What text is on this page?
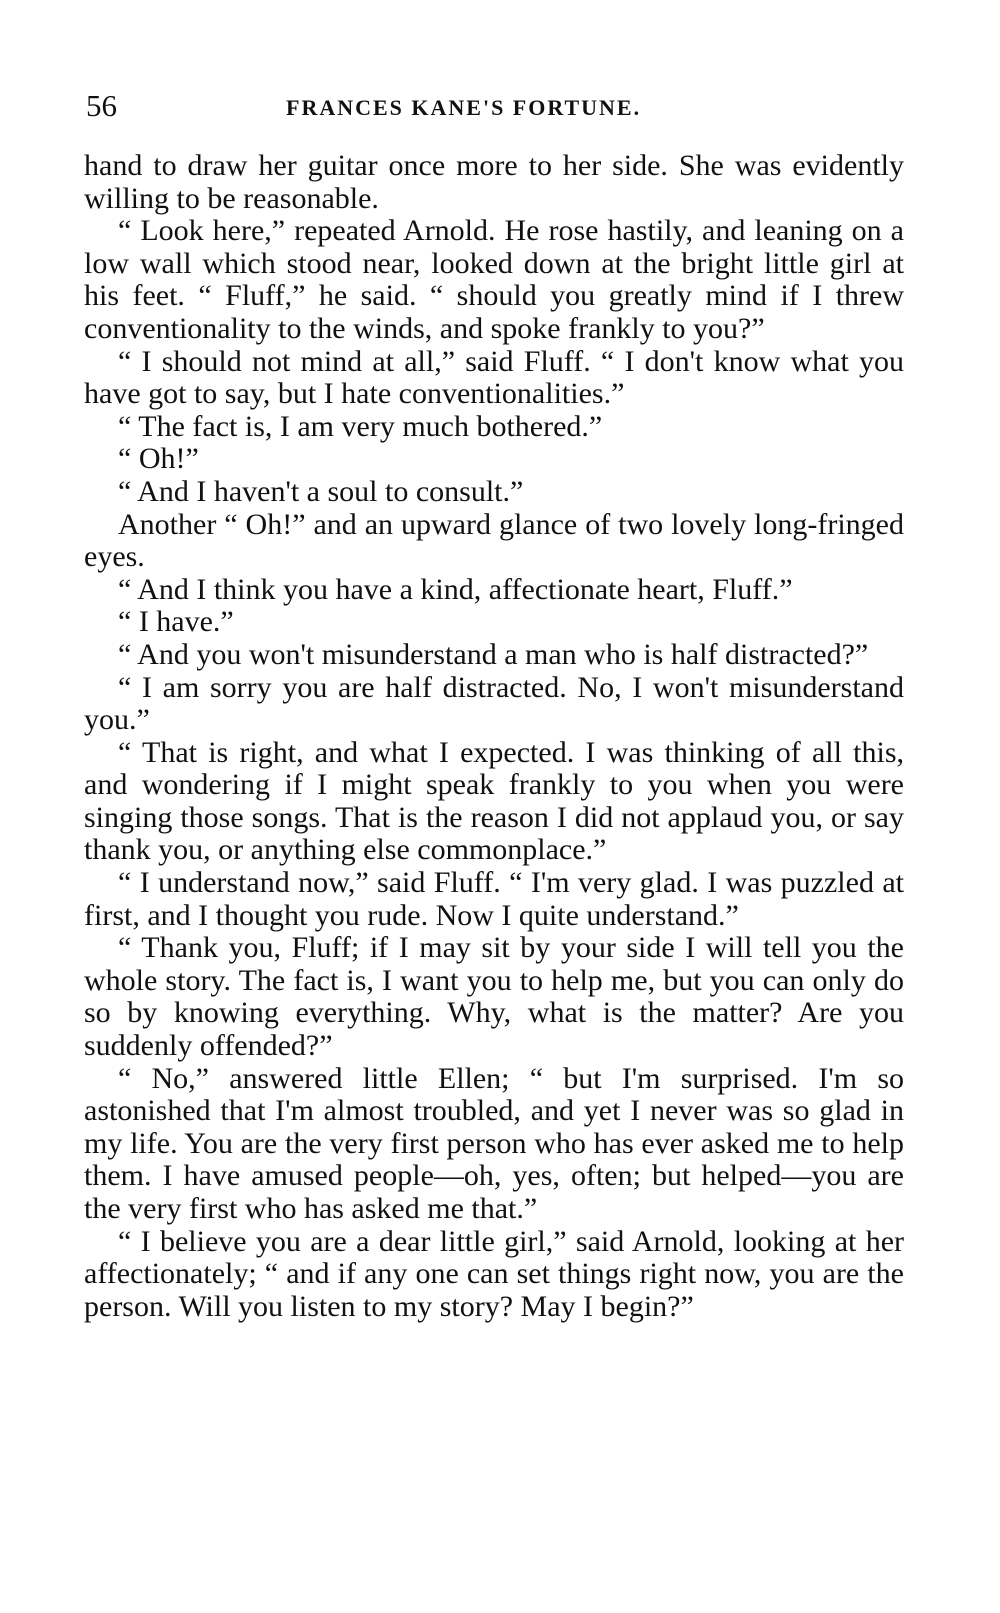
56	FRANCES KANE'S FORTUNE.

hand to draw her guitar once more to her side. She was evidently willing to be reasonable.

“ Look here,” repeated Arnold. He rose hastily, and leaning on a low wall which stood near, looked down at the bright little girl at his feet. “ Fluff,” he said. “ should you greatly mind if I threw conventionality to the winds, and spoke frankly to you?”

“ I should not mind at all,” said Fluff. “ I don't know what you have got to say, but I hate conventionalities.”

“ The fact is, I am very much bothered.”

“ Oh!”

“ And I haven't a soul to consult.”

Another “ Oh!” and an upward glance of two lovely long-fringed eyes.

“ And I think you have a kind, affectionate heart, Fluff.”

“ I have.”

“ And you won't misunderstand a man who is half distracted?”

“ I am sorry you are half distracted. No, I won't misunderstand you.”

“ That is right, and what I expected. I was thinking of all this, and wondering if I might speak frankly to you when you were singing those songs. That is the reason I did not applaud you, or say thank you, or anything else commonplace.”

“ I understand now,” said Fluff. “ I'm very glad. I was puzzled at first, and I thought you rude. Now I quite understand.”

“ Thank you, Fluff; if I may sit by your side I will tell you the whole story. The fact is, I want you to help me, but you can only do so by knowing everything. Why, what is the matter? Are you suddenly offended?”

“ No,” answered little Ellen; “ but I'm surprised. I'm so astonished that I'm almost troubled, and yet I never was so glad in my life. You are the very first person who has ever asked me to help them. I have amused people—oh, yes, often; but helped—you are the very first who has asked me that.”

“ I believe you are a dear little girl,” said Arnold, looking at her affectionately; “ and if any one can set things right now, you are the person. Will you listen to my story? May I begin?”
